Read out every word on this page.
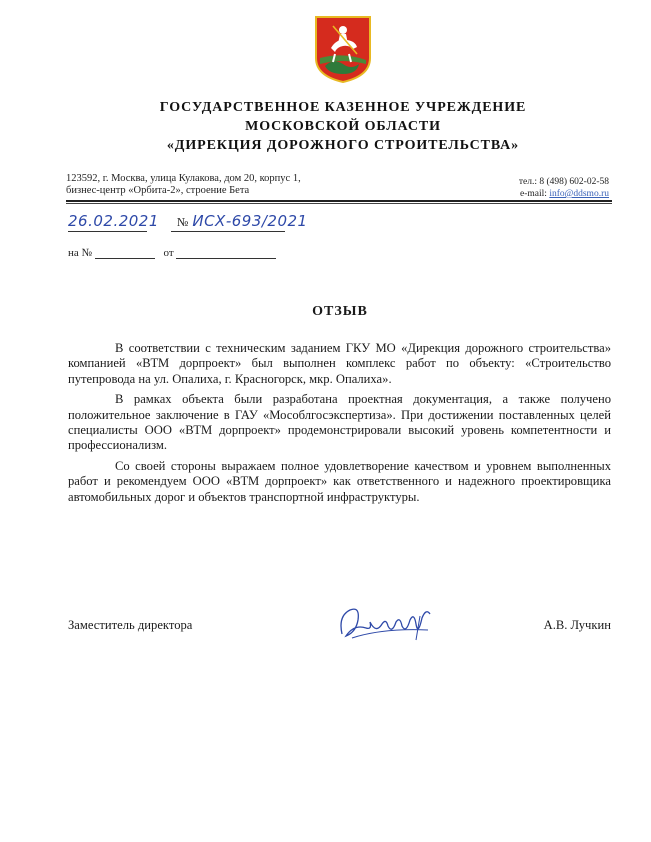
ГОСУДАРСТВЕННОЕ КАЗЕННОЕ УЧРЕЖДЕНИЕ
МОСКОВСКОЙ ОБЛАСТИ
«ДИРЕКЦИЯ ДОРОЖНОГО СТРОИТЕЛЬСТВА»
123592, г. Москва, улица Кулакова, дом 20, корпус 1,
бизнес-центр «Орбита-2», строение Бета
тел.: 8 (498) 602-02-58
e-mail: info@ddsmo.ru
26.02.2021 № ИСХ-693/2021
на №	от
ОТЗЫВ

В соответствии с техническим заданием ГКУ МО «Дирекция дорожного строительства» компанией «ВТМ дорпроект» был выполнен комплекс работ по объекту: «Строительство путепровода на ул. Опалиха, г. Красногорск, мкр. Опалиха».

В рамках объекта были разработана проектная документация, а также получено положительное заключение в ГАУ «Мособлгосэкспертиза». При достижении поставленных целей специалисты ООО «ВТМ дорпроект» продемонстрировали высокий уровень компетентности и профессионализм.

Со своей стороны выражаем полное удовлетворение качеством и уровнем выполненных работ и рекомендуем ООО «ВТМ дорпроект» как ответственного и надежного проектировщика автомобильных дорог и объектов транспортной инфраструктуры.

Заместитель директора	А.В. Лучкин
